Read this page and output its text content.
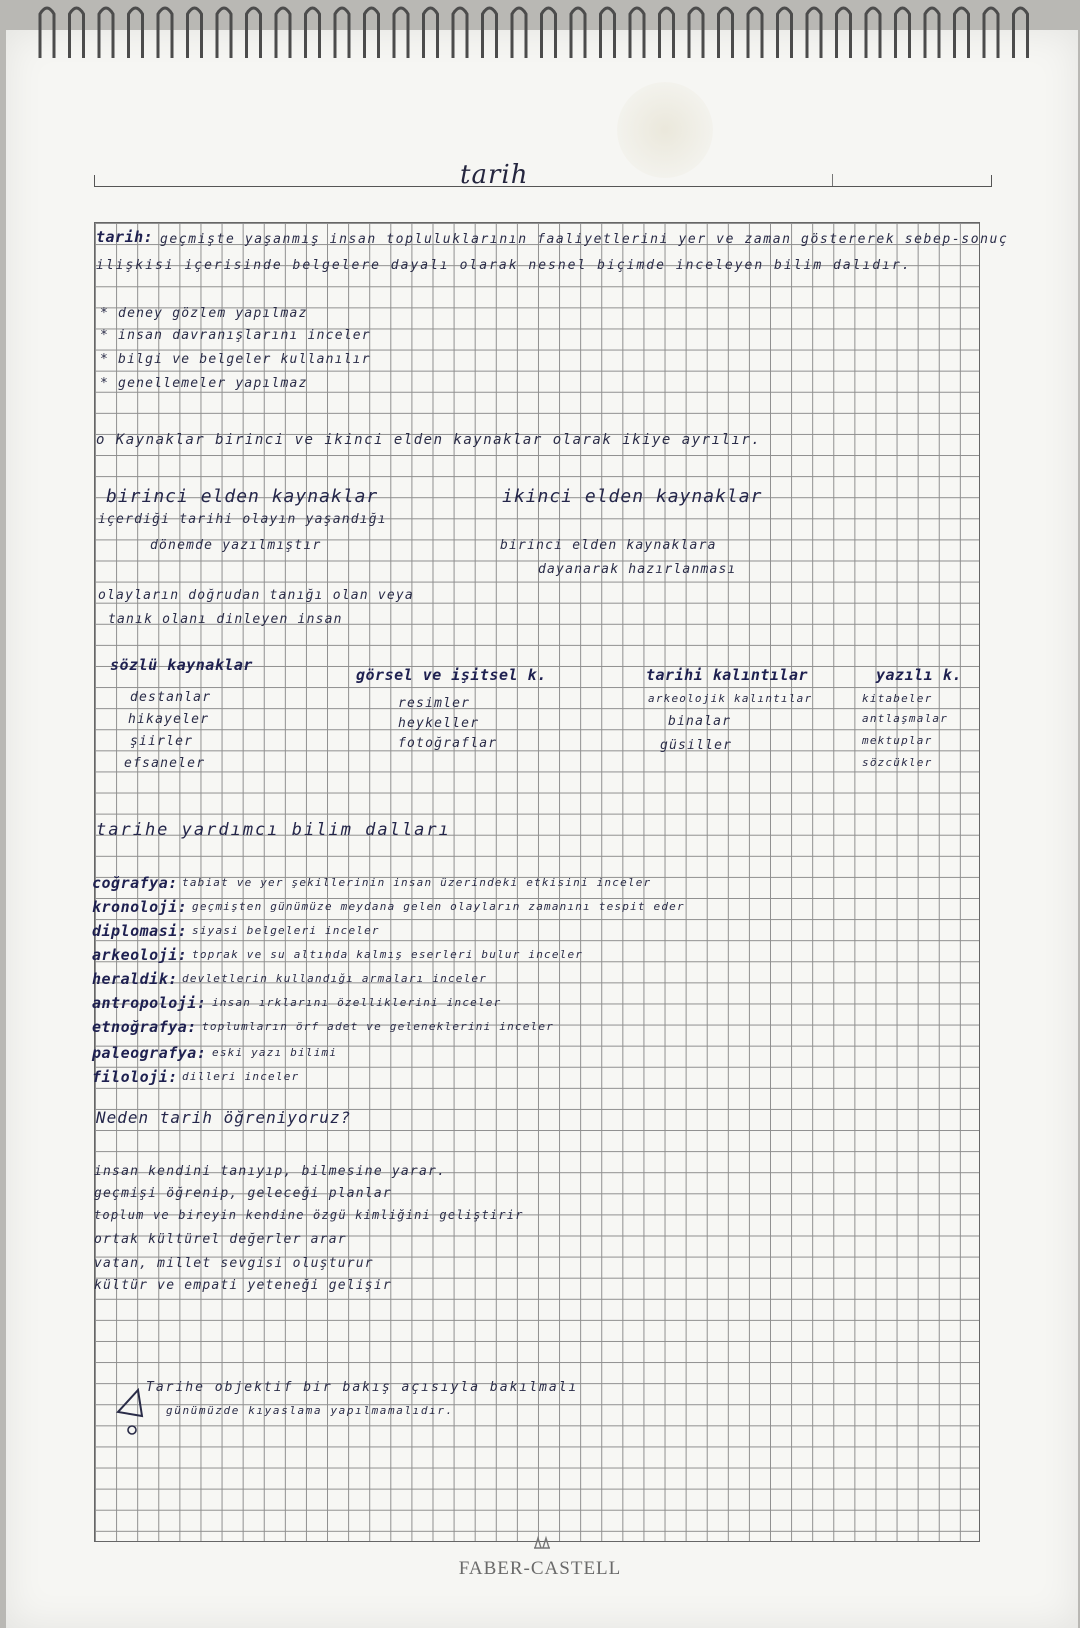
tarih
tarih: geçmişte yaşanmış insan topluluklarının faaliyetlerini yer ve zaman göstererek sebep-sonuç
ilişkisi içerisinde belgelere dayalı olarak nesnel biçimde inceleyen bilim dalıdır.
* deney gözlem yapılmaz
* insan davranışlarını inceler
* bilgi ve belgeler kullanılır
* genellemeler yapılmaz
o Kaynaklar birinci ve ikinci elden kaynaklar olarak ikiye ayrılır.
birinci elden kaynaklar
içerdiği tarihi olayın yaşandığı
dönemde yazılmıştır
olayların doğrudan tanığı olan veya
tanık olanı dinleyen insan
ikinci elden kaynaklar
birinci elden kaynaklara
dayanarak hazırlanması
sözlü kaynaklar
destanlar
hikayeler
şiirler
efsaneler
görsel ve işitsel k.
resimler
heykeller
fotoğraflar
tarihi kalıntılar
arkeolojik kalıntılar
binalar
güsiller
yazılı k.
kitabeler
antlaşmalar
mektuplar
sözcükler
tarihe yardımcı bilim dalları
coğrafya: tabiat ve yer şekillerinin insan üzerindeki etkisini inceler
kronoloji: geçmişten günümüze meydana gelen olayların zamanını tespit eder
diplomasi: siyasi belgeleri inceler
arkeoloji: toprak ve su altında kalmış eserleri bulur inceler
heraldik: devletlerin kullandığı armaları inceler
antropoloji: insan ırklarını özelliklerini inceler
etnoğrafya: toplumların örf adet ve geleneklerini inceler
paleografya: eski yazı bilimi
filoloji: dilleri inceler
Neden tarih öğreniyoruz?
insan kendini tanıyıp, bilmesine yarar.
geçmişi öğrenip, geleceği planlar
toplum ve bireyin kendine özgü kimliğini geliştirir
ortak kültürel değerler arar
vatan, millet sevgisi oluşturur
kültür ve empati yeteneği gelişir
Tarihe objektif bir bakış açısıyla bakılmalı
günümüzde kıyaslama yapılmamalıdır.
FABER-CASTELL
